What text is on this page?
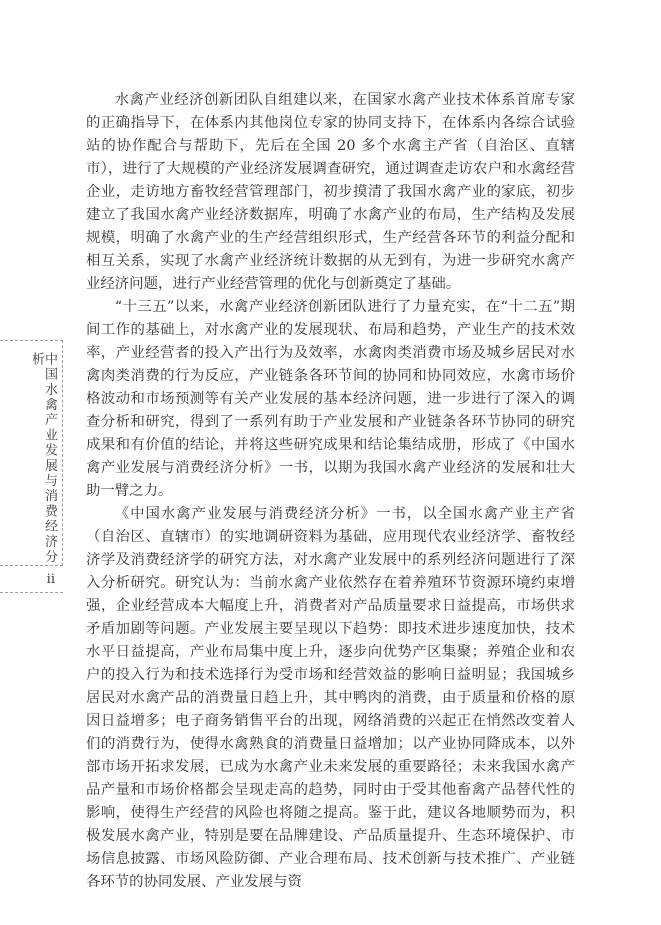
中国水禽产业发展与消费经济分析
ii

水禽产业经济创新团队自组建以来，在国家水禽产业技术体系首席专家的正确指导下，在体系内其他岗位专家的协同支持下，在体系内各综合试验站的协作配合与帮助下，先后在全国 20 多个水禽主产省（自治区、直辖市），进行了大规模的产业经济发展调查研究，通过调查走访农户和水禽经营企业，走访地方畜牧经营管理部门，初步摸清了我国水禽产业的家底，初步建立了我国水禽产业经济数据库，明确了水禽产业的布局，生产结构及发展规模，明确了水禽产业的生产经营组织形式，生产经营各环节的利益分配和相互关系，实现了水禽产业经济统计数据的从无到有，为进一步研究水禽产业经济问题，进行产业经营管理的优化与创新奠定了基础。

“十三五”以来，水禽产业经济创新团队进行了力量充实，在“十二五”期间工作的基础上，对水禽产业的发展现状、布局和趋势，产业生产的技术效率，产业经营者的投入产出行为及效率，水禽肉类消费市场及城乡居民对水禽肉类消费的行为反应，产业链条各环节间的协同和协同效应，水禽市场价格波动和市场预测等有关产业发展的基本经济问题，进一步进行了深入的调查分析和研究，得到了一系列有助于产业发展和产业链条各环节协同的研究成果和有价值的结论，并将这些研究成果和结论集结成册，形成了《中国水禽产业发展与消费经济分析》一书，以期为我国水禽产业经济的发展和壮大助一臂之力。

《中国水禽产业发展与消费经济分析》一书，以全国水禽产业主产省（自治区、直辖市）的实地调研资料为基础，应用现代农业经济学、畜牧经济学及消费经济学的研究方法，对水禽产业发展中的系列经济问题进行了深入分析研究。研究认为：当前水禽产业依然存在着养殖环节资源环境约束增强，企业经营成本大幅度上升，消费者对产品质量要求日益提高，市场供求矛盾加剧等问题。产业发展主要呈现以下趋势：即技术进步速度加快，技术水平日益提高，产业布局集中度上升，逐步向优势产区集聚；养殖企业和农户的投入行为和技术选择行为受市场和经营效益的影响日益明显；我国城乡居民对水禽产品的消费量日趋上升，其中鸭肉的消费，由于质量和价格的原因日益增多；电子商务销售平台的出现，网络消费的兴起正在悄然改变着人们的消费行为，使得水禽熟食的消费量日益增加；以产业协同降成本，以外部市场开拓求发展，已成为水禽产业未来发展的重要路径；未来我国水禽产品产量和市场价格都会呈现走高的趋势，同时由于受其他畜禽产品替代性的影响，使得生产经营的风险也将随之提高。鉴于此，建议各地顺势而为，积极发展水禽产业，特别是要在品牌建设、产品质量提升、生态环境保护、市场信息披露、市场风险防御、产业合理布局、技术创新与技术推广、产业链各环节的协同发展、产业发展与资
